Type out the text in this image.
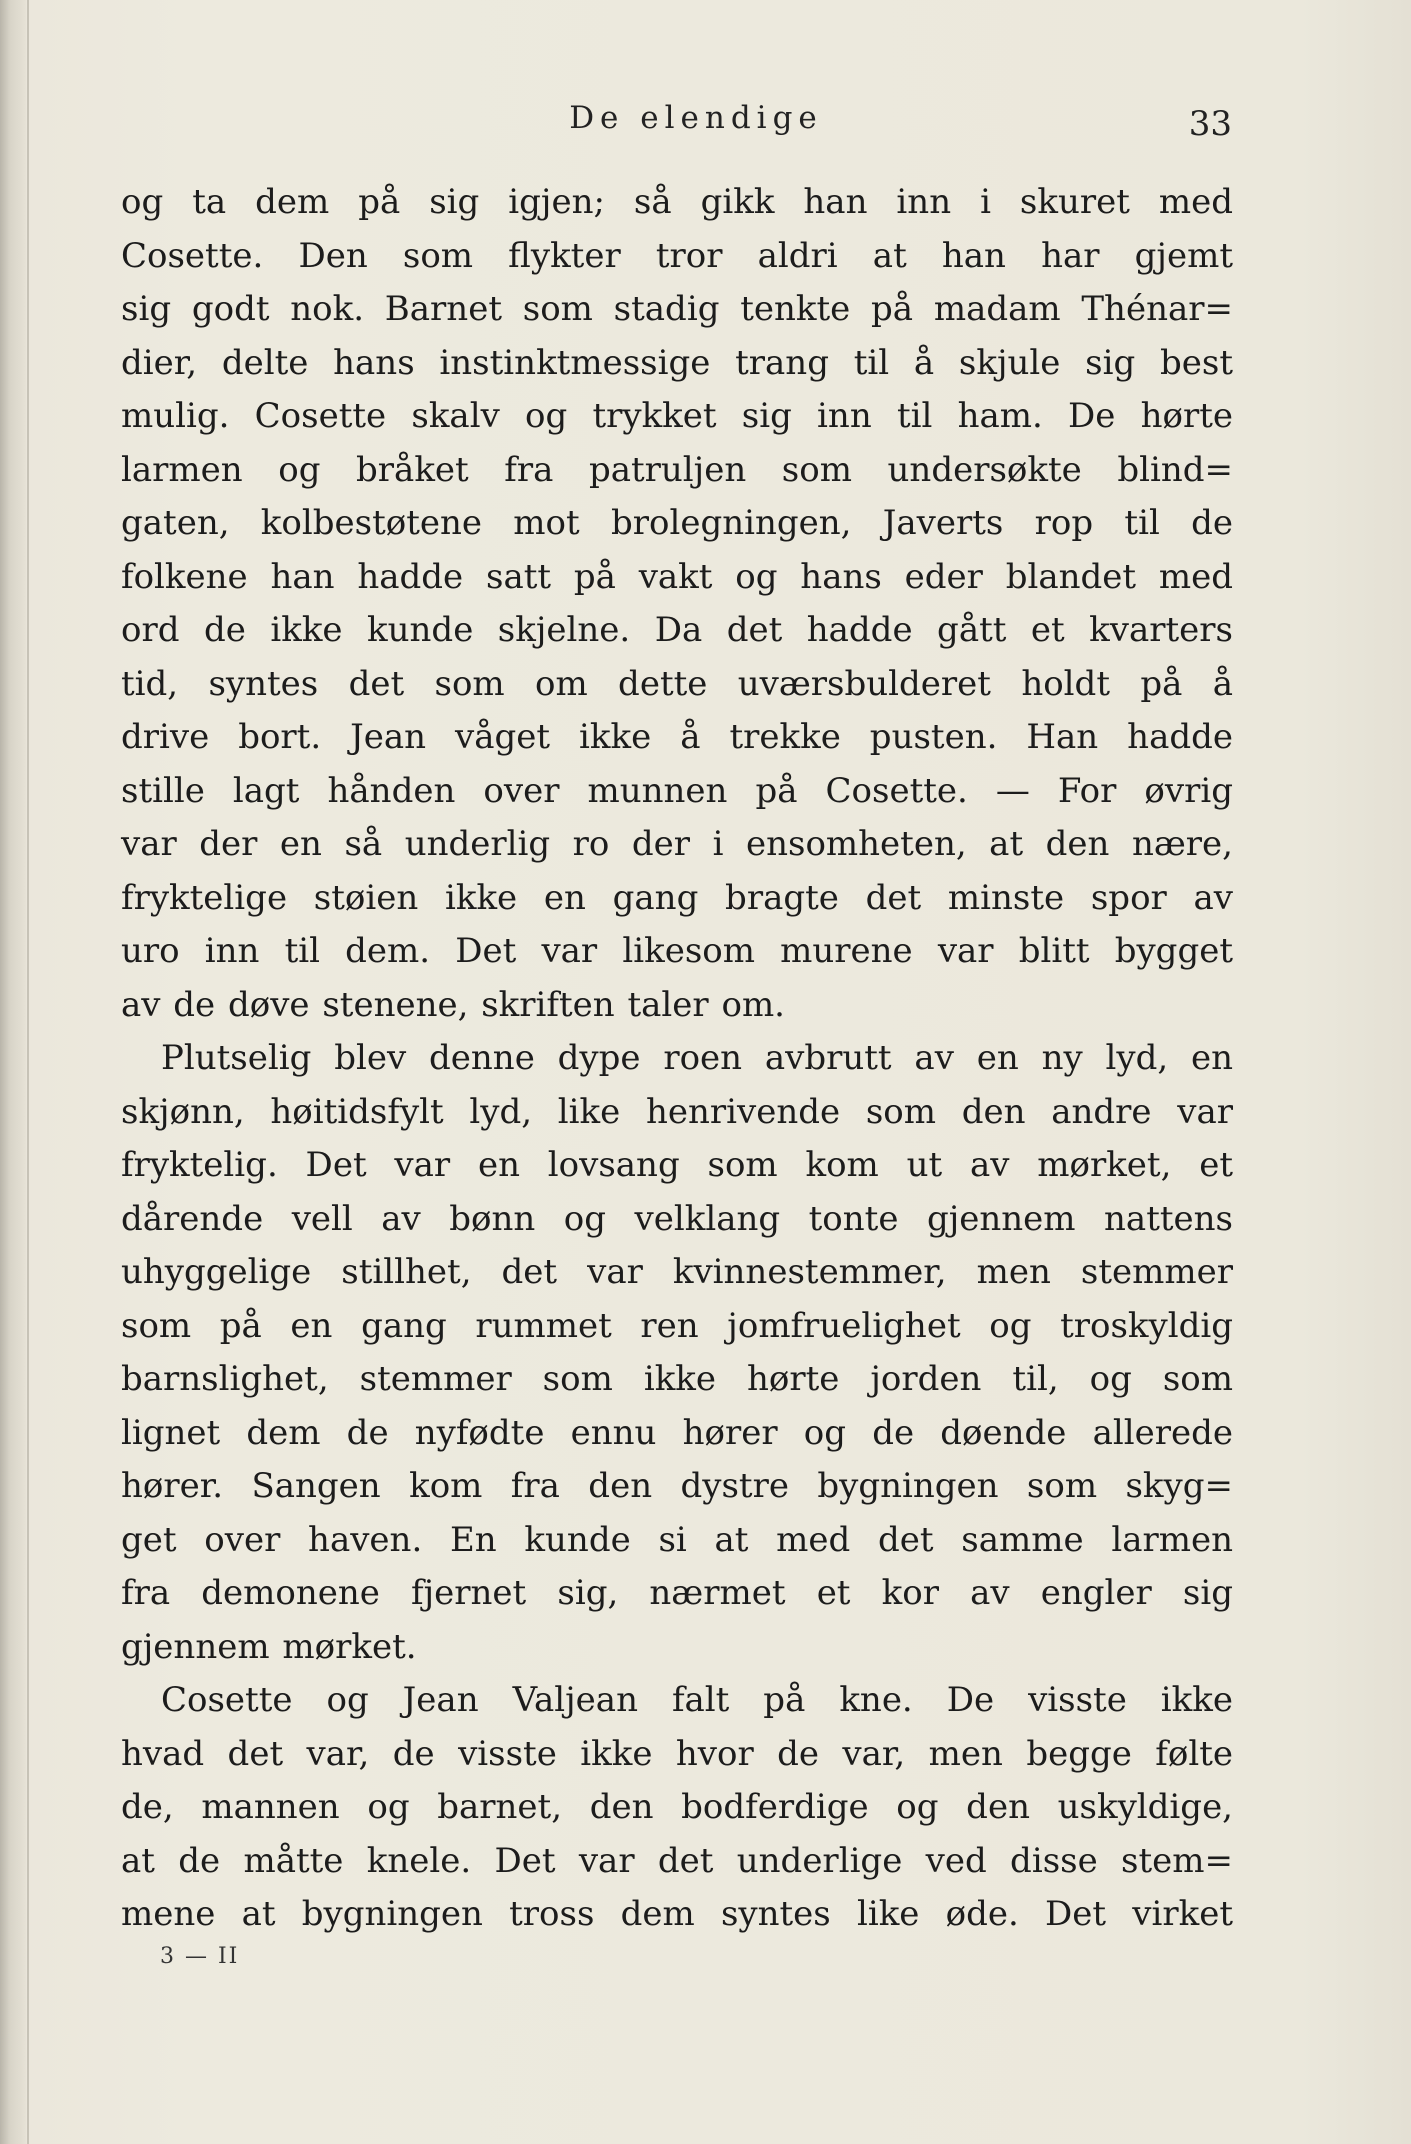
De elendige	33
og ta dem på sig igjen; så gikk han inn i skuret med
Cosette. Den som flykter tror aldri at han har gjemt
sig godt nok. Barnet som stadig tenkte på madam Thénar=
dier, delte hans instinktmessige trang til å skjule sig best
mulig. Cosette skalv og trykket sig inn til ham. De hørte
larmen og bråket fra patruljen som undersøkte blind=
gaten, kolbestøtene mot brolegningen, Javerts rop til de
folkene han hadde satt på vakt og hans eder blandet med
ord de ikke kunde skjelne. Da det hadde gått et kvarters
tid, syntes det som om dette uværsbulderet holdt på å
drive bort. Jean våget ikke å trekke pusten. Han hadde
stille lagt hånden over munnen på Cosette. — For øvrig
var der en så underlig ro der i ensomheten, at den nære,
fryktelige støien ikke en gang bragte det minste spor av
uro inn til dem. Det var likesom murene var blitt bygget
av de døve stenene, skriften taler om.
Plutselig blev denne dype roen avbrutt av en ny lyd, en
skjønn, høitidsfylt lyd, like henrivende som den andre var
fryktelig. Det var en lovsang som kom ut av mørket, et
dårende vell av bønn og velklang tonte gjennem nattens
uhyggelige stillhet, det var kvinnestemmer, men stemmer
som på en gang rummet ren jomfruelighet og troskyldig
barnslighet, stemmer som ikke hørte jorden til, og som
lignet dem de nyfødte ennu hører og de døende allerede
hører. Sangen kom fra den dystre bygningen som skyg=
get over haven. En kunde si at med det samme larmen
fra demonene fjernet sig, nærmet et kor av engler sig
gjennem mørket.
Cosette og Jean Valjean falt på kne. De visste ikke
hvad det var, de visste ikke hvor de var, men begge følte
de, mannen og barnet, den bodferdige og den uskyldige,
at de måtte knele. Det var det underlige ved disse stem=
mene at bygningen tross dem syntes like øde. Det virket
3 — II
